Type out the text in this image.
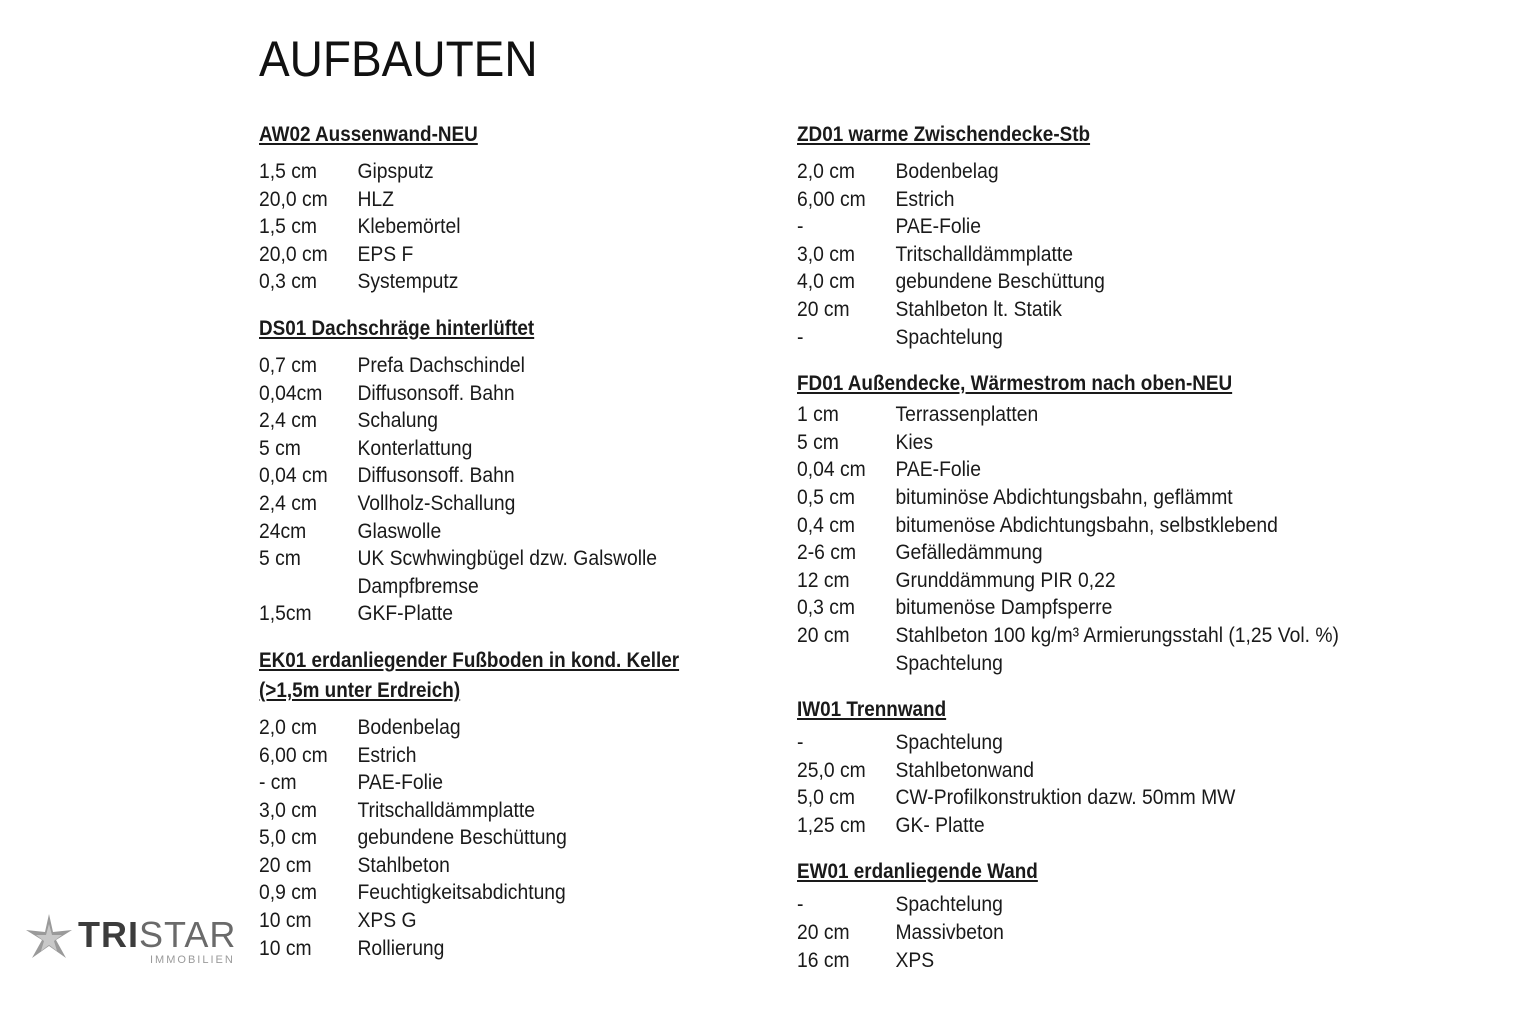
AUFBAUTEN
AW02 Aussenwand-NEU
1,5 cm	Gipsputz
20,0 cm	HLZ
1,5 cm	Klebemörtel
20,0 cm	EPS F
0,3 cm	Systemputz
DS01 Dachschräge hinterlüftet
0,7 cm	Prefa Dachschindel
0,04cm	Diffusonsoff. Bahn
2,4 cm	Schalung
5 cm	Konterlattung
0,04 cm	Diffusonsoff. Bahn
2,4 cm	Vollholz-Schallung
24cm	Glaswolle
5 cm	UK Scwhwingbügel dzw. Galswolle
Dampfbremse
1,5cm	GKF-Platte
EK01 erdanliegender Fußboden in kond. Keller
(>1,5m unter Erdreich)
2,0 cm	Bodenbelag
6,00 cm	Estrich
- cm	PAE-Folie
3,0 cm	Tritschalldämmplatte
5,0 cm	gebundene Beschüttung
20 cm	Stahlbeton
0,9 cm	Feuchtigkeitsabdichtung
10 cm	XPS G
10 cm	Rollierung
ZD01 warme Zwischendecke-Stb
2,0 cm	Bodenbelag
6,00 cm	Estrich
-	PAE-Folie
3,0 cm	Tritschalldämmplatte
4,0 cm	gebundene Beschüttung
20 cm	Stahlbeton lt. Statik
-	Spachtelung
FD01 Außendecke, Wärmestrom nach oben-NEU
1 cm	Terrassenplatten
5 cm	Kies
0,04 cm	PAE-Folie
0,5 cm	bituminöse Abdichtungsbahn, geflämmt
0,4 cm	bitumenöse Abdichtungsbahn, selbstklebend
2-6 cm	Gefälledämmung
12 cm	Grunddämmung PIR 0,22
0,3 cm	bitumenöse Dampfsperre
20 cm	Stahlbeton 100 kg/m³ Armierungsstahl (1,25 Vol. %)
Spachtelung
IW01 Trennwand
-	Spachtelung
25,0 cm	Stahlbetonwand
5,0 cm	CW-Profilkonstruktion dazw. 50mm MW
1,25 cm	GK- Platte
EW01 erdanliegende Wand
-	Spachtelung
20 cm	Massivbeton
16 cm	XPS
TRISTAR
IMMOBILIEN
